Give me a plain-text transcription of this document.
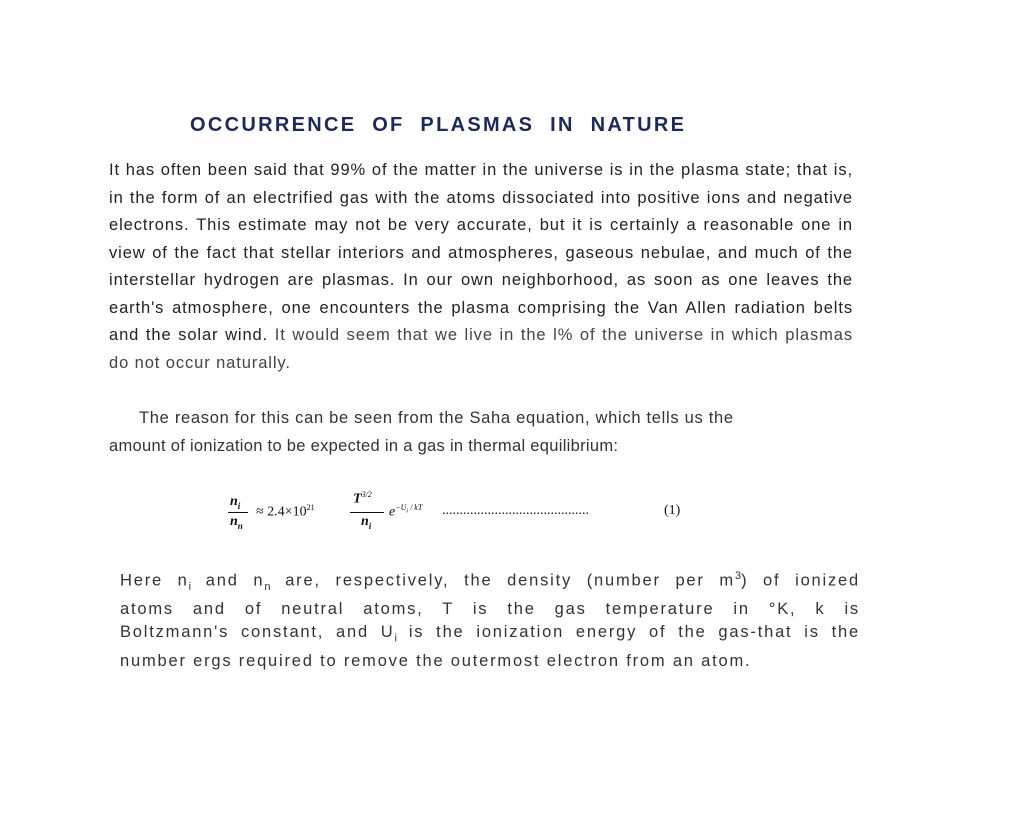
OCCURRENCE OF PLASMAS IN NATURE
It has often been said that 99% of the matter in the universe is in the plasma state; that is, in the form of an electrified gas with the atoms dissociated into positive ions and negative electrons. This estimate may not be very accurate, but it is certainly a reasonable one in view of the fact that stellar interiors and atmospheres, gaseous nebulae, and much of the interstellar hydrogen are plasmas. In our own neighborhood, as soon as one leaves the earth's atmosphere, one encounters the plasma comprising the Van Allen radiation belts and the solar wind. It would seem that we live in the l% of the universe in which plasmas do not occur naturally.
The reason for this can be seen from the Saha equation, which tells us the
amount of ionization to be expected in a gas in thermal equilibrium:
$n_i$
$n_n$
≈ $2.4\times 10^{21}$
$T^{3/2}$
$n_i$
$e^{-U_i / kT}$ ..........................................	(1)
Here $n_i$ and $n_n$ are, respectively, the density (number per $m^3$) of ionized
atoms and of neutral atoms, T is the gas temperature in °K, k is
Boltzmann's constant, and $U_i$ is the ionization energy of the gas-that is the
number ergs required to remove the outermost electron from an atom.
